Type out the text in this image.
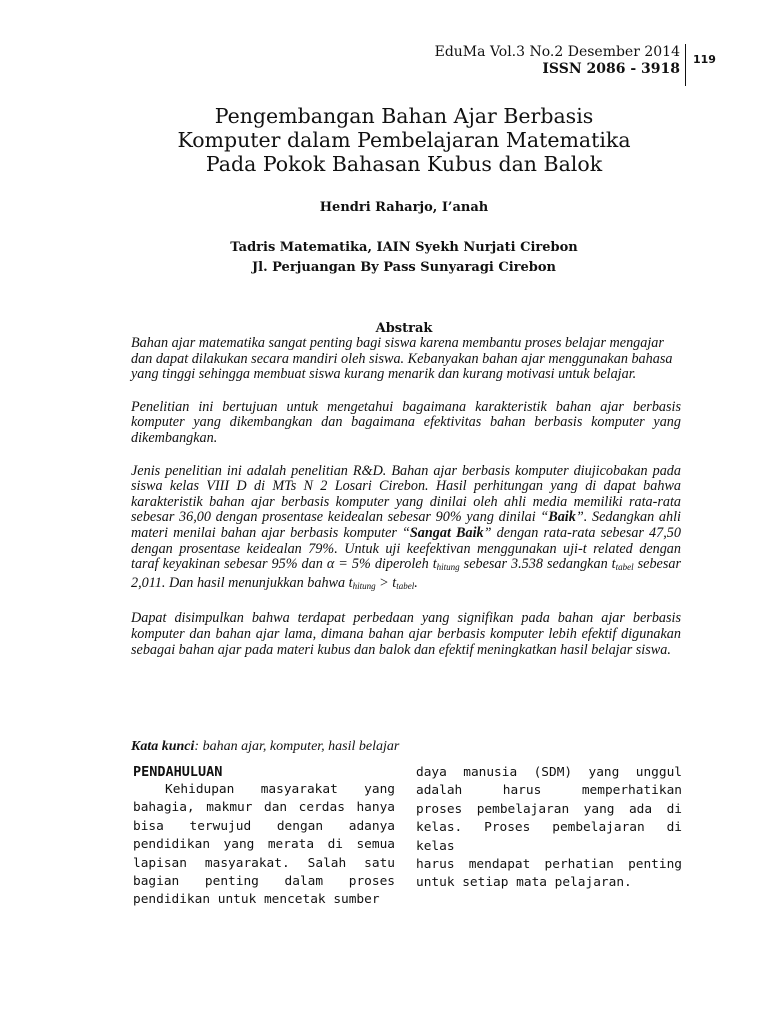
EduMa Vol.3 No.2 Desember 2014
ISSN 2086 - 3918
119
Pengembangan Bahan Ajar Berbasis
Komputer dalam Pembelajaran Matematika
Pada Pokok Bahasan Kubus dan Balok
Hendri Raharjo, I’anah
Tadris Matematika, IAIN Syekh Nurjati Cirebon
Jl. Perjuangan By Pass Sunyaragi Cirebon
Abstrak

Bahan ajar matematika sangat penting bagi siswa karena membantu proses belajar mengajar dan dapat dilakukan secara mandiri oleh siswa. Kebanyakan bahan ajar menggunakan bahasa yang tinggi sehingga membuat siswa kurang menarik dan kurang motivasi untuk belajar.

Penelitian ini bertujuan untuk mengetahui bagaimana karakteristik bahan ajar berbasis komputer yang dikembangkan dan bagaimana efektivitas bahan berbasis komputer yang dikembangkan.

Jenis penelitian ini adalah penelitian R&D. Bahan ajar berbasis komputer diujicobakan pada siswa kelas VIII D di MTs N 2 Losari Cirebon. Hasil perhitungan yang di dapat bahwa karakteristik bahan ajar berbasis komputer yang dinilai oleh ahli media memiliki rata-rata sebesar 36,00 dengan prosentase keidealan sebesar 90% yang dinilai “Baik”. Sedangkan ahli materi menilai bahan ajar berbasis komputer “Sangat Baik” dengan rata-rata sebesar 47,50 dengan prosentase keidealan 79%. Untuk uji keefektivan menggunakan uji-t related dengan taraf keyakinan sebesar 95% dan α = 5% diperoleh $t_{hitung}$ sebesar 3.538 sedangkan $t_{tabel}$ sebesar 2,011. Dan hasil menunjukkan bahwa $t_{hitung} > t_{tabel}$.

Dapat disimpulkan bahwa terdapat perbedaan yang signifikan pada bahan ajar berbasis komputer dan bahan ajar lama, dimana bahan ajar berbasis komputer lebih efektif digunakan sebagai bahan ajar pada materi kubus dan balok dan efektif meningkatkan hasil belajar siswa.

Kata kunci: bahan ajar, komputer, hasil belajar
PENDAHULUAN
Kehidupan masyarakat yang
bahagia, makmur dan cerdas hanya
bisa terwujud dengan adanya
pendidikan yang merata di semua
lapisan masyarakat. Salah satu
bagian penting dalam proses
pendidikan untuk mencetak sumber
daya manusia (SDM) yang unggul
adalah harus memperhatikan
proses pembelajaran yang ada di
kelas. Proses pembelajaran di kelas
harus mendapat perhatian penting
untuk setiap mata pelajaran.
